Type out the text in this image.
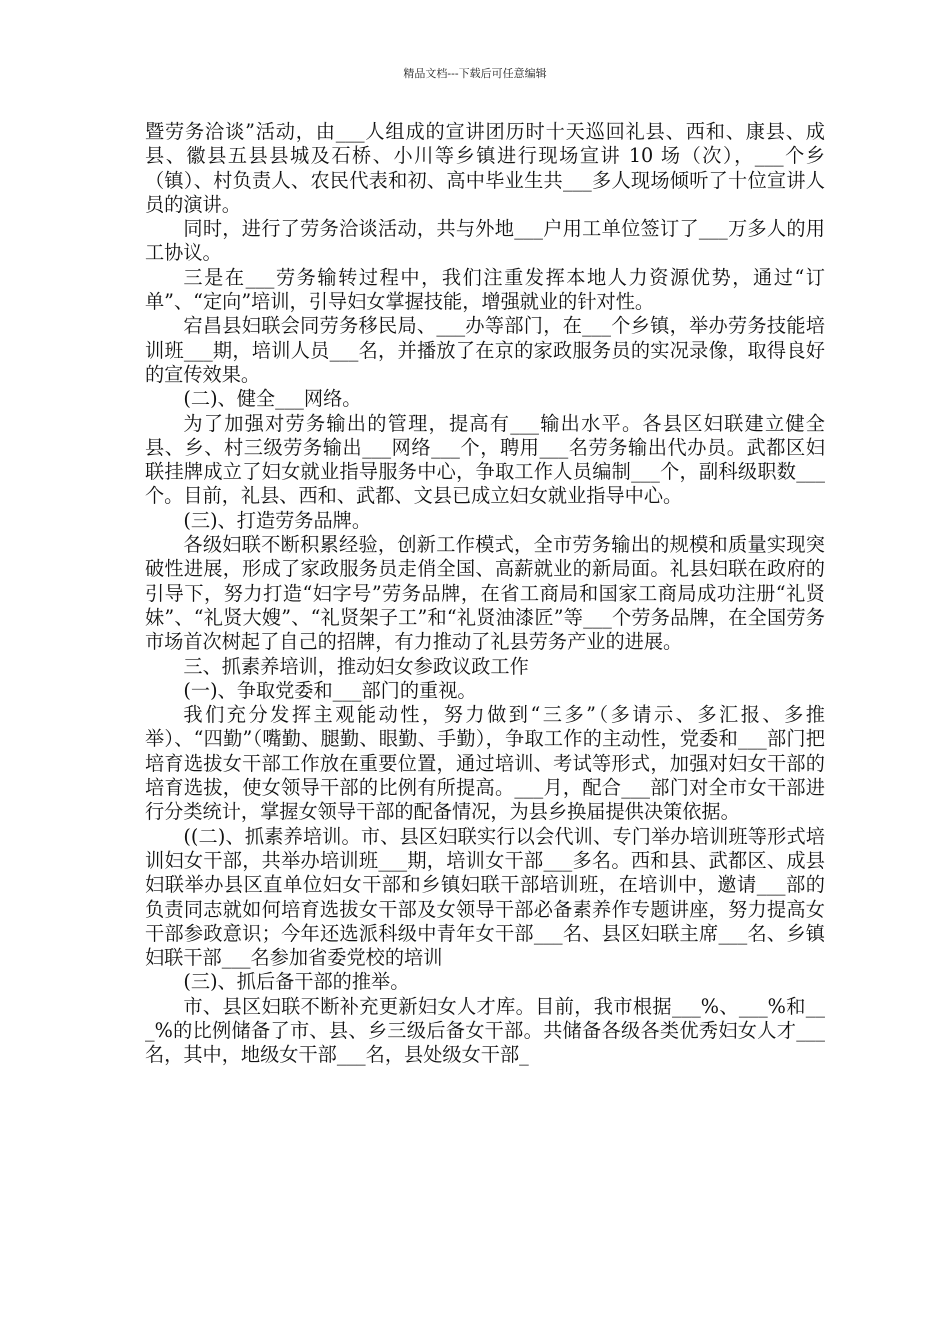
精品文档---下载后可任意编辑

暨劳务洽谈”活动，由___人组成的宣讲团历时十天巡回礼县、西和、康县、成县、徽县五县县城及石桥、小川等乡镇进行现场宣讲 10 场（次），___个乡（镇）、村负责人、农民代表和初、高中毕业生共___多人现场倾听了十位宣讲人员的演讲。

同时，进行了劳务洽谈活动，共与外地___户用工单位签订了___万多人的用工协议。

三是在___劳务输转过程中，我们注重发挥本地人力资源优势，通过“订单”、“定向”培训，引导妇女掌握技能，增强就业的针对性。

宕昌县妇联会同劳务移民局、___办等部门，在___个乡镇，举办劳务技能培训班___期，培训人员___名，并播放了在京的家政服务员的实况录像，取得良好的宣传效果。

(二)、健全___网络。

为了加强对劳务输出的管理，提高有___输出水平。各县区妇联建立健全县、乡、村三级劳务输出___网络___个，聘用___名劳务输出代办员。武都区妇联挂牌成立了妇女就业指导服务中心，争取工作人员编制___个，副科级职数___个。目前，礼县、西和、武都、文县已成立妇女就业指导中心。

(三)、打造劳务品牌。

各级妇联不断积累经验，创新工作模式，全市劳务输出的规模和质量实现突破性进展，形成了家政服务员走俏全国、高薪就业的新局面。礼县妇联在政府的引导下，努力打造“妇字号”劳务品牌，在省工商局和国家工商局成功注册“礼贤妹”、“礼贤大嫂”、“礼贤架子工”和“礼贤油漆匠”等___个劳务品牌，在全国劳务市场首次树起了自己的招牌，有力推动了礼县劳务产业的进展。

三、抓素养培训，推动妇女参政议政工作

(一)、争取党委和___部门的重视。

我们充分发挥主观能动性，努力做到“三多”（多请示、多汇报、多推举）、“四勤”（嘴勤、腿勤、眼勤、手勤），争取工作的主动性，党委和___部门把培育选拔女干部工作放在重要位置，通过培训、考试等形式，加强对妇女干部的培育选拔，使女领导干部的比例有所提高。___月，配合___部门对全市女干部进行分类统计，掌握女领导干部的配备情况，为县乡换届提供决策依据。

((二)、抓素养培训。市、县区妇联实行以会代训、专门举办培训班等形式培训妇女干部，共举办培训班___期，培训女干部___多名。西和县、武都区、成县妇联举办县区直单位妇女干部和乡镇妇联干部培训班，在培训中，邀请___部的负责同志就如何培育选拔女干部及女领导干部必备素养作专题讲座，努力提高女干部参政意识；今年还选派科级中青年女干部___名、县区妇联主席___名、乡镇妇联干部___名参加省委党校的培训

(三)、抓后备干部的推举。

市、县区妇联不断补充更新妇女人才库。目前，我市根据___%、___%和___%的比例储备了市、县、乡三级后备女干部。共储备各级各类优秀妇女人才___名，其中，地级女干部___名，县处级女干部_
